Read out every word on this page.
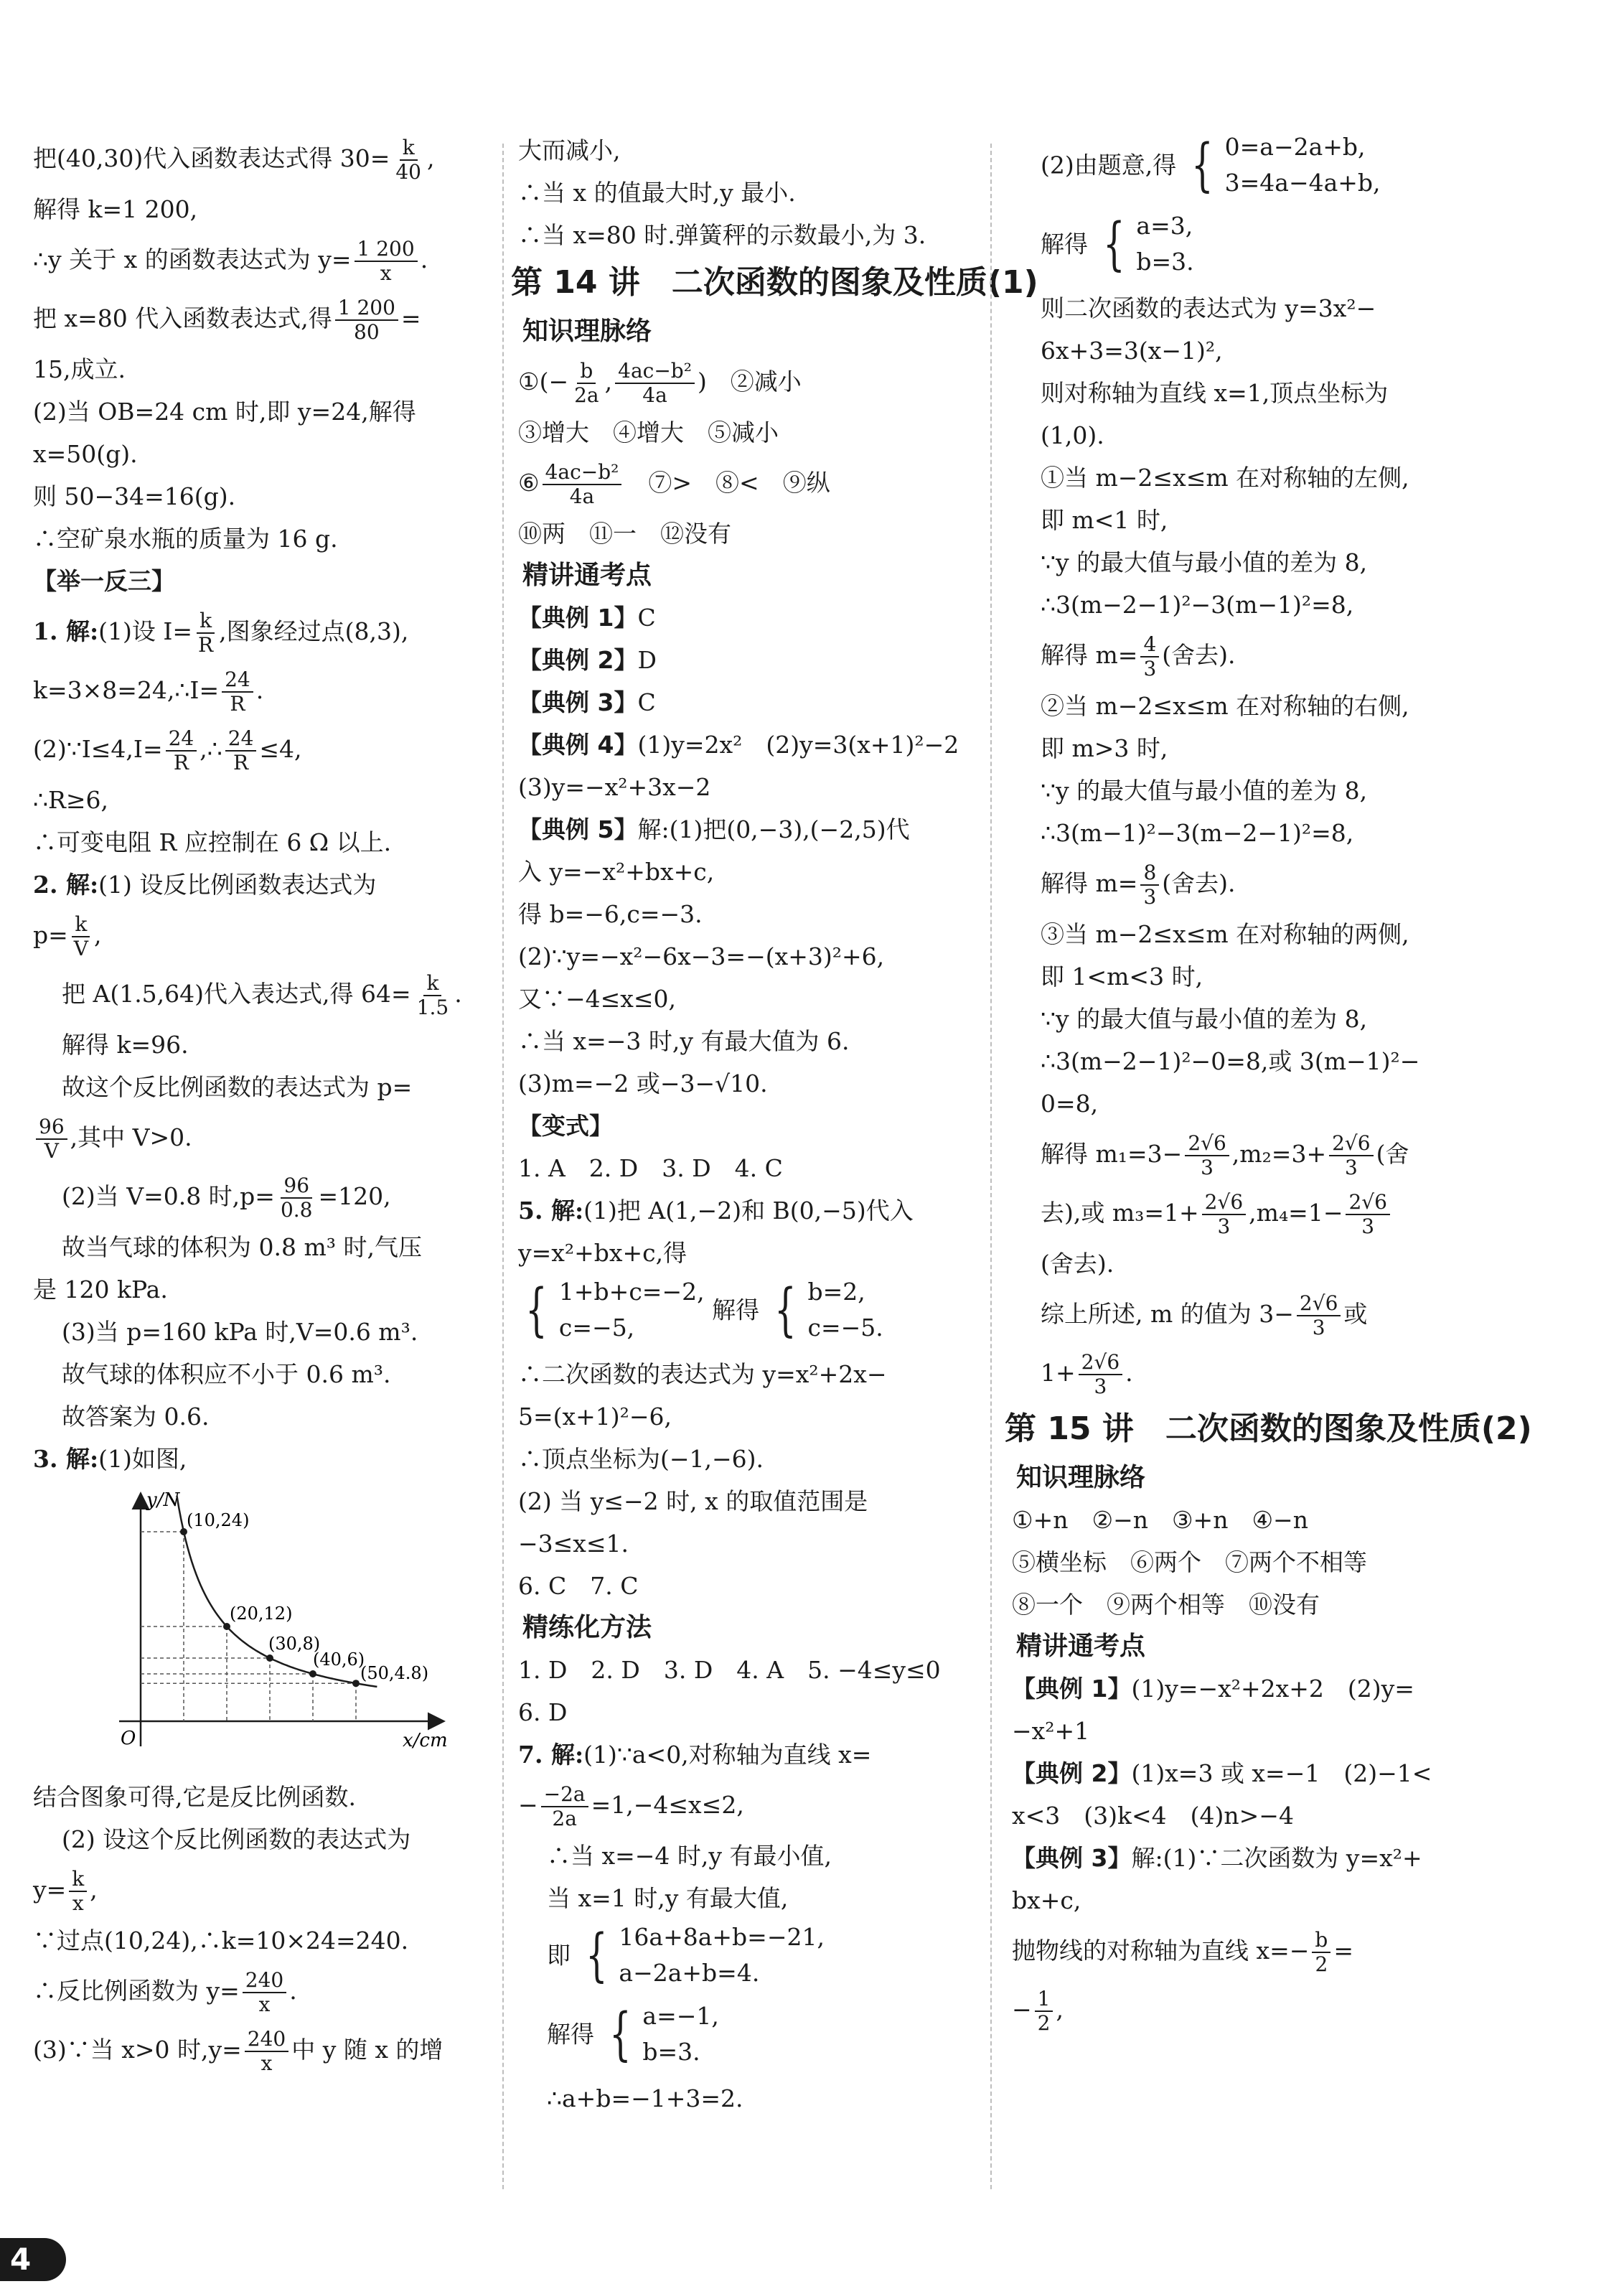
把(40,30)代入函数表达式得 $30= \frac{k}{40}$ ,
解得 k=1 200,
∴y 关于 x 的函数表达式为 $y= \frac{1 200}{x}$ .
把 x=80 代入函数表达式,得 $\frac{1 200}{80}$ =
15,成立.
(2)当 OB=24 cm 时,即 y=24,解得
x=50(g).
则 50−34=16(g).
∴空矿泉水瓶的质量为 16 g.
【举一反三】
1. 解:(1)设 $I= \frac{k}{R}$ ,图象经过点(8,3),
k=3×8=24,∴I= $\frac{24}{R}$ .
(2)∵I≤4,I= $\frac{24}{R}$ ,∴ $\frac{24}{R} \le 4$,
∴R≥6,
∴可变电阻 R 应控制在 6 Ω 以上.
2. 解:(1) 设反比例函数表达式为
$p= \frac{k}{V}$ ,
把 A(1.5,64)代入表达式,得 $64= \frac{k}{1.5}$ .
解得 k=96.
故这个反比例函数的表达式为 p=
$\frac{96}{V}$ ,其中 V>0.
(2)当 V=0.8 时$,p= \frac{96}{0.8} =120$,
故当气球的体积为 0.8 m³ 时,气压
是 120 kPa.
(3)当 p=160 kPa 时,V=0.6 m³.
故气球的体积应不小于 0.6 m³.
故答案为 0.6.
3. 解:(1)如图,
y/N
x/cm
O
(10,24)
(20,12)
(30,8)
(40,6)
(50,4.8)
结合图象可得,它是反比例函数.
(2) 设这个反比例函数的表达式为
$y= \frac{k}{x}$ ,
∵过点(10,24),∴k=10×24=240.
∴反比例函数为 $y= \frac{240}{x}$ .
(3)∵当 x>0 时$,y= \frac{240}{x}$ 中 y 随 x 的增
大而减小,
∴当 x 的值最大时,y 最小.
∴当 x=80 时.弹簧秤的示数最小,为 3.
第 14 讲　二次函数的图象及性质(1)
知识理脉络
①(− $\frac{b}{2a}$ , $\frac{\text{4ac−b²}}{4a}$ )　②减小
③增大　④增大　⑤减小
⑥ $\frac{\text{4ac−b²}}{4a}$ 　⑦>　⑧<　⑨纵
⑩两　⑪一　⑫没有
精讲通考点
【典例 1】C
【典例 2】D
【典例 3】C
【典例 4】(1)y=2x²　(2)y=3(x+1)²−2
(3)y=−x²+3x−2
【典例 5】解:(1)把(0,−3),(−2,5)代
入 y=−x²+bx+c,
得 b=−6,c=−3.
(2)∵y=−x²−6x−3=−(x+3)²+6,
又∵−4≤x≤0,
∴当 x=−3 时,y 有最大值为 6.
(3)m=−2 或−3−√10.
【变式】
1. A　2. D　3. D　4. C
5. 解:(1)把 A(1,−2)和 B(0,−5)代入
y=x²+bx+c,得
{ 1+b+c=−2,
c=−5,
解得 { b=2,
c=−5.
∴二次函数的表达式为 y=x²+2x−
5=(x+1)²−6,
∴顶点坐标为(−1,−6).
(2) 当 y≤−2 时, x 的取值范围是
−3≤x≤1.
6. C　7. C
精练化方法
1. D　2. D　3. D　4. A　5. −4≤y≤0
6. D
7. 解:(1)∵a<0,对称轴为直线 x=
− $\frac{-2a}{2a} =1,-4\le x\le 2$,
∴当 x=−4 时,y 有最小值,
当 x=1 时,y 有最大值,
即 { 16a+8a+b=−21,
a−2a+b=4.
解得 { a=−1,
b=3.
∴a+b=−1+3=2.
(2)由题意,得 { 0=a−2a+b,
3=4a−4a+b,
解得 { a=3,
b=3.
则二次函数的表达式为 y=3x²−
6x+3=3(x−1)²,
则对称轴为直线 x=1,顶点坐标为
(1,0).
①当 m−2≤x≤m 在对称轴的左侧,
即 m<1 时,
∵y 的最大值与最小值的差为 8,
∴3(m−2−1)²−3(m−1)²=8,
解得 $m= \frac{4}{3}$ (舍去).
②当 m−2≤x≤m 在对称轴的右侧,
即 m>3 时,
∵y 的最大值与最小值的差为 8,
∴3(m−1)²−3(m−2−1)²=8,
解得 $m= \frac{8}{3}$ (舍去).
③当 m−2≤x≤m 在对称轴的两侧,
即 1<m<3 时,
∵y 的最大值与最小值的差为 8,
∴3(m−2−1)²−0=8,或 3(m−1)²−
0=8,
解得 $m_1=3- \frac{2√6}{3} ,m_2=3+ \frac{2√6}{3}$ (舍
去),或 $m_3=1+ \frac{2√6}{3} ,m_4=1- \frac{2√6}{3}$
(舍去).
综上所述, m 的值为 $3- \frac{2√6}{3}$ 或
$1+ \frac{2√6}{3}$ .
第 15 讲　二次函数的图象及性质(2)
知识理脉络
①+n　②−n　③+n　④−n
⑤横坐标　⑥两个　⑦两个不相等
⑧一个　⑨两个相等　⑩没有
精讲通考点
【典例 1】(1)y=−x²+2x+2　(2)y=
−x²+1
【典例 2】(1)x=3 或 x=−1　(2)−1<
x<3　(3)k<4　(4)n>−4
【典例 3】解:(1)∵二次函数为 y=x²+
bx+c,
抛物线的对称轴为直线 $x=- \frac{b}{2}$ =
− $\frac{1}{2}$ ,
4
